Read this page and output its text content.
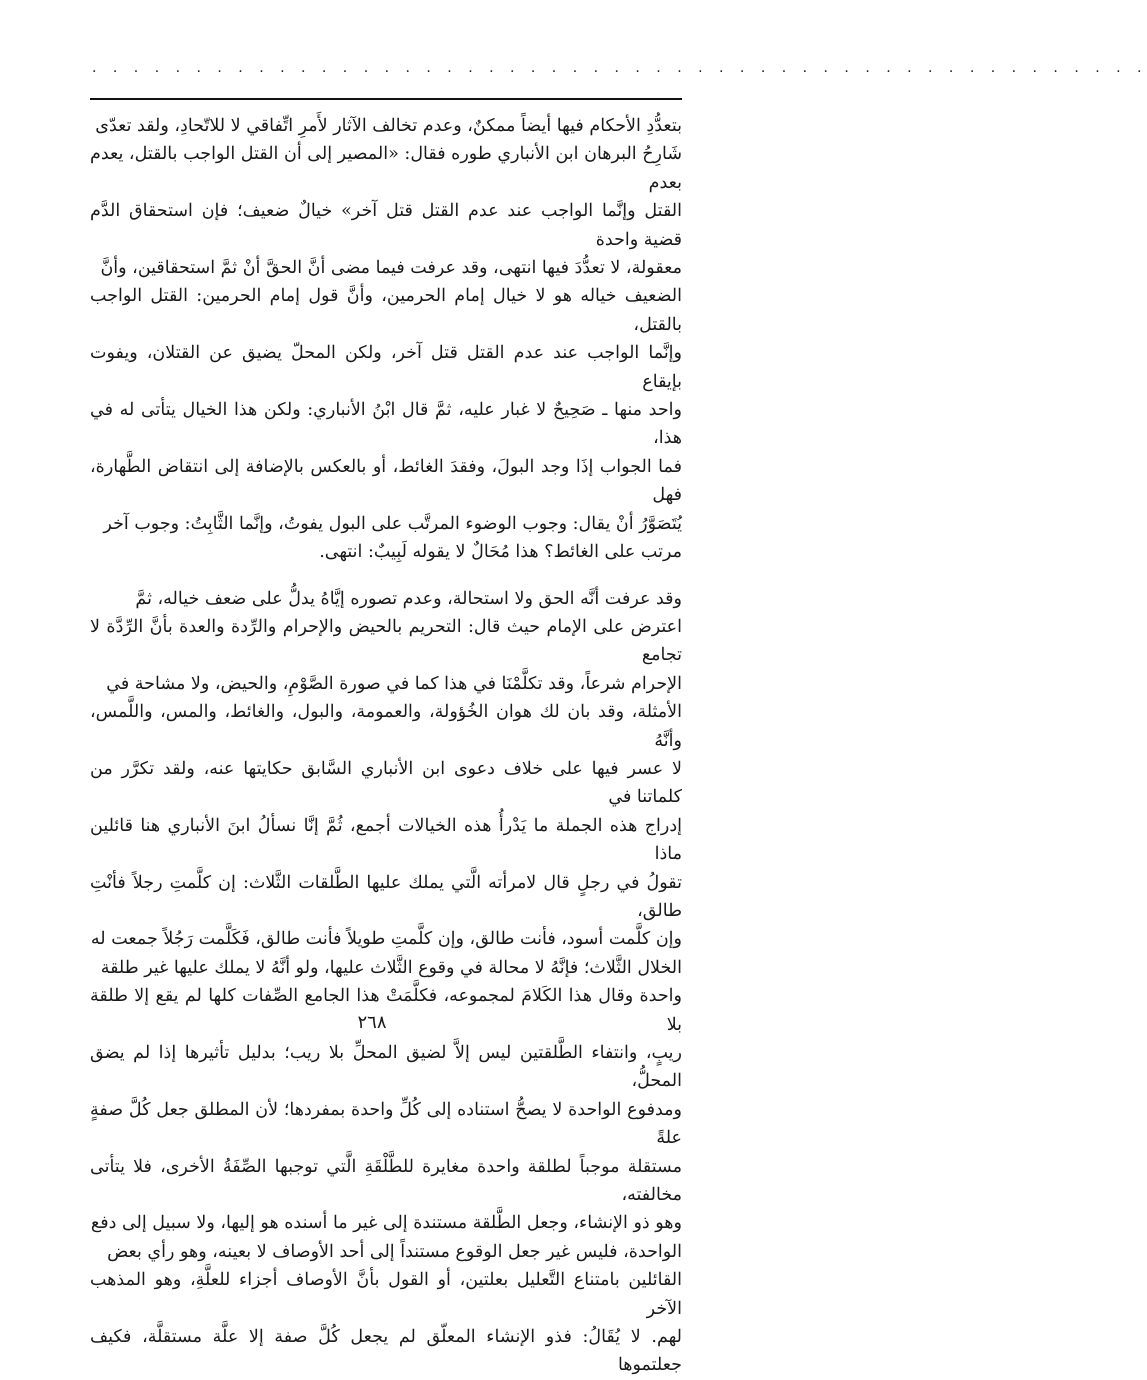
. . . . . . . . . . . . . . . . . . . . . . . . . . . . . . . . . . . . . . . . . . . . . . . . . . .

بتعدُّدِ الأحكام فيها أيضاً ممكنٌ، وعدم تخالف الآثار لأَمرِ اتِّفاقي لا للاتّحادِ، ولقد تعدّى
شَارِحُ البرهان ابن الأنباري طوره فقال: «المصير إلى أن القتل الواجب بالقتل، يعدم بعدم
القتل وإنَّما الواجب عند عدم القتل قتل آخر» خيالٌ ضعيف؛ فإن استحقاق الدَّم قضية واحدة
معقولة، لا تعدُّدَ فيها انتهى، وقد عرفت فيما مضى أنَّ الحقَّ أنْ ثمَّ استحقاقين، وأنَّ
الضعيف خياله هو لا خيال إمام الحرمين، وأنَّ قول إمام الحرمين: القتل الواجب بالقتل،
وإنَّما الواجب عند عدم القتل قتل آخر، ولكن المحلّ يضيق عن القتلان، ويفوت بإيقاع
واحد منها ـ صَحِيحٌ لا غبار عليه، ثمَّ قال ابْنُ الأنباري: ولكن هذا الخيال يتأتى له في هذا،
فما الجواب إذَا وجد البولَ، وفقدَ الغائط، أو بالعكس بالإضافة إلى انتقاض الطَّهارة، فهل
يُتَصَوَّرُ أنْ يقال: وجوب الوضوء المرتَّب على البول يفوتُ، وإنَّما الثَّابِتُ: وجوب آخر
مرتب على الغائط؟ هذا مُحَالٌ لا يقوله لَبِيبٌ: انتهى.

وقد عرفت أنَّه الحق ولا استحالة، وعدم تصوره إيَّاهُ يدلُّ على ضعف خياله، ثمَّ
اعترض على الإمام حيث قال: التحريم بالحيض والإحرام والرِّدة والعدة بأنَّ الرِّدَّة لا تجامع
الإحرام شرعاً، وقد تكلَّمْنَا في هذا كما في صورة الصَّوْمِ، والحيض، ولا مشاحة في
الأمثلة، وقد بان لك هوان الخُؤولة، والعمومة، والبول، والغائط، والمس، واللَّمس، وأنَّهُ
لا عسر فيها على خلاف دعوى ابن الأنباري السَّابق حكايتها عنه، ولقد تكرَّر من كلماتنا في
إدراج هذه الجملة ما يَدْرأُ هذه الخيالات أجمع، ثُمَّ إنَّا نسألُ ابنَ الأنباري هنا قائلين ماذا
تقولُ في رجلٍ قال لامرأته الَّتي يملك عليها الطَّلقات الثَّلاث: إن كلَّمتِ رجلاً فأنْتِ طالق،
وإن كلَّمت أسود، فأنت طالق، وإن كلَّمتِ طويلاً فأنت طالق، فَكَلَّمت رَجُلاً جمعت له
الخلال الثَّلاث؛ فإنَّهُ لا محالة في وقوع الثَّلاث عليها، ولو أنَّهُ لا يملك عليها غير طلقة
واحدة وقال هذا الكَلامَ لمجموعه، فكلَّمَتْ هذا الجامع الصِّفات كلها لم يقع إلا طلقة بلا
ريبٍ، وانتفاء الطَّلقتين ليس إلاَّ لضيق المحلِّ بلا ريب؛ بدليل تأثيرها إذا لم يضق المحلُّ،
ومدفوع الواحدة لا يصحُّ استناده إلى كُلِّ واحدة بمفردها؛ لأن المطلق جعل كُلَّ صفةٍ علةً
مستقلة موجباً لطلقة واحدة مغايرة للطَّلْقَةِ الَّتي توجبها الصِّفَةُ الأخرى، فلا يتأتى مخالفته،
وهو ذو الإنشاء، وجعل الطَّلقة مستندة إلى غير ما أسنده هو إليها، ولا سبيل إلى دفع
الواحدة، فليس غير جعل الوقوع مستنداً إلى أحد الأوصاف لا بعينه، وهو رأي بعض
القائلين بامتناع التَّعليل بعلتين، أو القول بأنَّ الأوصاف أجزاء للعلَّةِ، وهو المذهب الآخر
لهم. لا يُقَالُ: فذو الإنشاء المعلّق لم يجعل كُلَّ صفة إلا علَّة مستقلَّة، فكيف جعلتموها

٢٦٨
